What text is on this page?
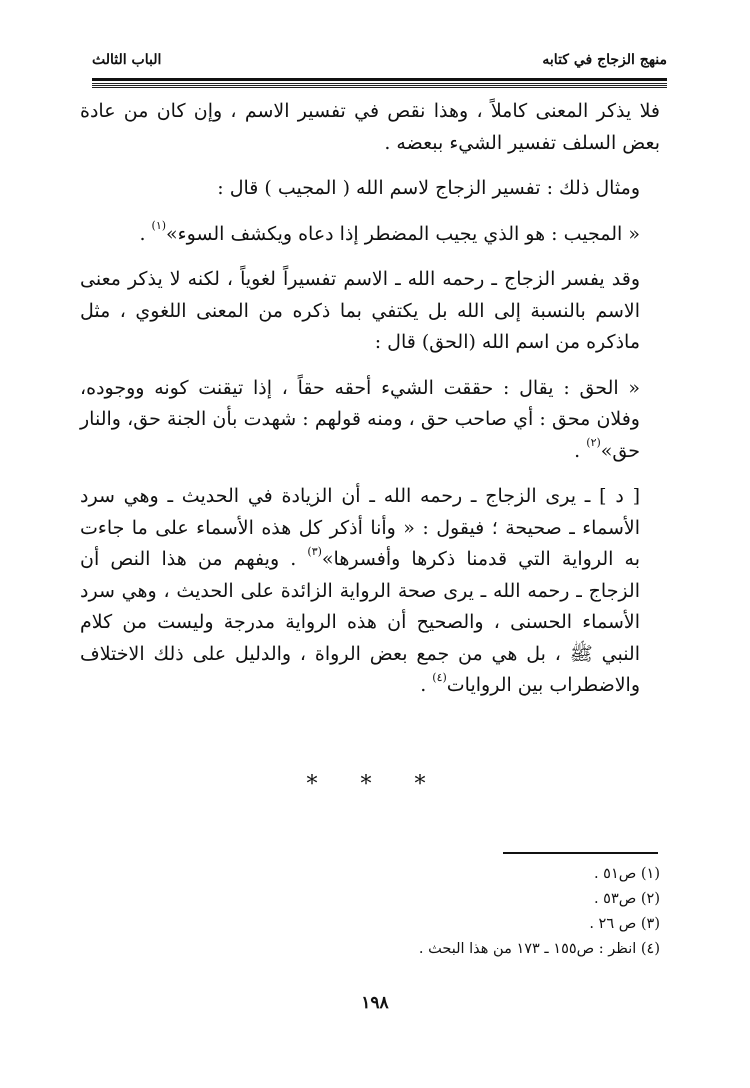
منهج الزجاج في كتابه
الباب الثالث

فلا يذكر المعنى كاملاً ، وهذا نقص في تفسير الاسم ، وإن كان من عادة بعض السلف تفسير الشيء ببعضه .

ومثال ذلك : تفسير الزجاج لاسم الله ( المجيب ) قال :

« المجيب : هو الذي يجيب المضطر إذا دعاه ويكشف السوء»$^{(١)}$ .

وقد يفسر الزجاج ـ رحمه الله ـ الاسم تفسيراً لغوياً ، لكنه لا يذكر معنى الاسم بالنسبة إلى الله بل يكتفي بما ذكره من المعنى اللغوي ، مثل ماذكره من اسم الله (الحق) قال :

« الحق : يقال : حققت الشيء أحقه حقاً ، إذا تيقنت كونه ووجوده، وفلان محق : أي صاحب حق ، ومنه قولهم : شهدت بأن الجنة حق، والنار حق»$^{(٢)}$ .

[ د ] ـ يرى الزجاج ـ رحمه الله ـ أن الزيادة في الحديث ـ وهي سرد الأسماء ـ صحيحة ؛ فيقول : « وأنا أذكر كل هذه الأسماء على ما جاءت به الرواية التي قدمنا ذكرها وأفسرها»$^{(٣)}$ . ويفهم من هذا النص أن الزجاج ـ رحمه الله ـ يرى صحة الرواية الزائدة على الحديث ، وهي سرد الأسماء الحسنى ، والصحيح أن هذه الرواية مدرجة وليست من كلام النبي ﷺ ، بل هي من جمع بعض الرواة ، والدليل على ذلك الاختلاف والاضطراب بين الروايات$^{(٤)}$ .

* * *

(١) ص٥١ .

(٢) ص٥٣ .

(٣) ص ٢٦ .

(٤) انظر : ص١٥٥ ـ ١٧٣ من هذا البحث .

١٩٨
